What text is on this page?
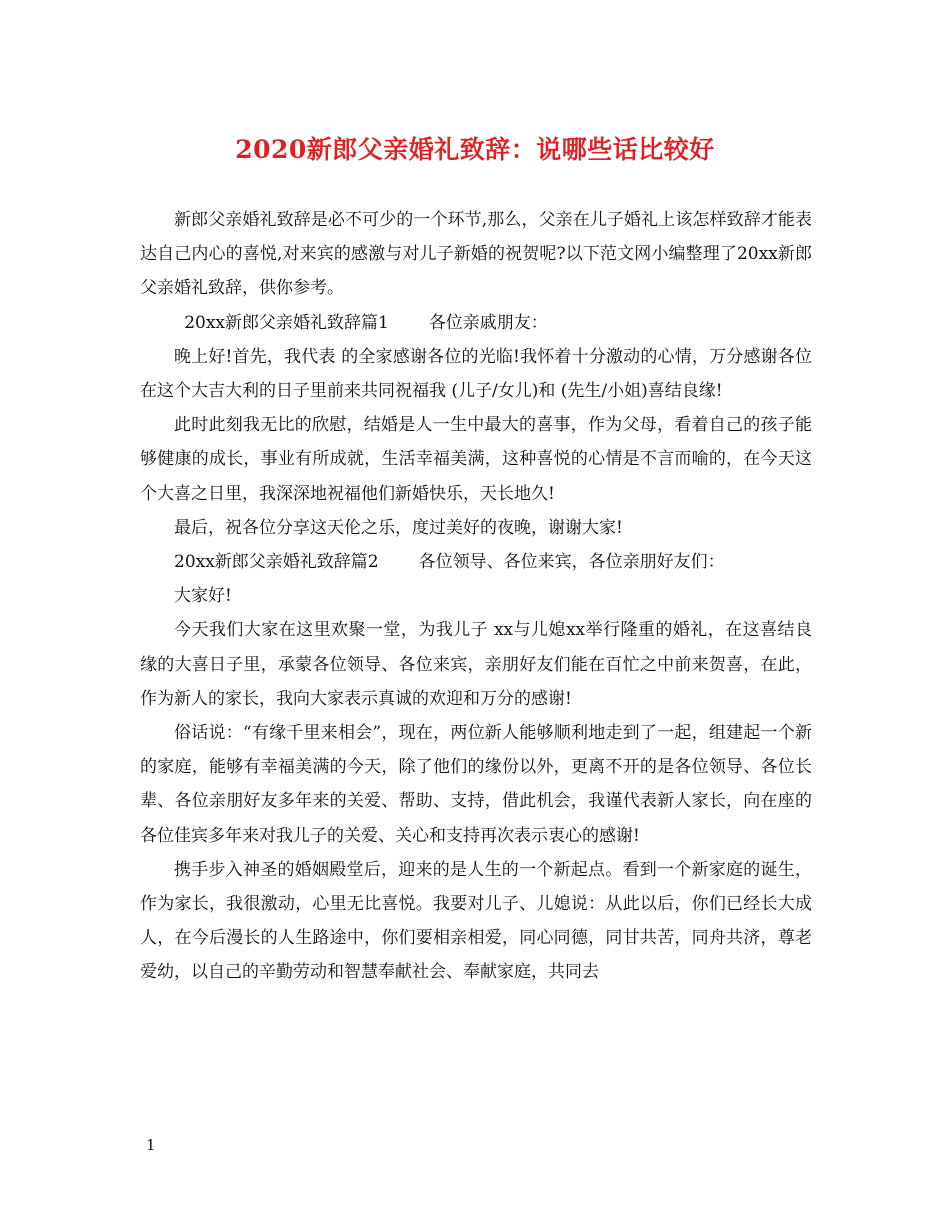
2020新郎父亲婚礼致辞：说哪些话比较好

新郎父亲婚礼致辞是必不可少的一个环节,那么，父亲在儿子婚礼上该怎样致辞才能表达自己内心的喜悦,对来宾的感激与对儿子新婚的祝贺呢?以下范文网小编整理了20xx新郎父亲婚礼致辞，供你参考。

20xx新郎父亲婚礼致辞篇1 各位亲戚朋友：

晚上好!首先，我代表 的全家感谢各位的光临!我怀着十分激动的心情，万分感谢各位在这个大吉大利的日子里前来共同祝福我 (儿子/女儿)和 (先生/小姐)喜结良缘!

此时此刻我无比的欣慰，结婚是人一生中最大的喜事，作为父母，看着自己的孩子能够健康的成长，事业有所成就，生活幸福美满，这种喜悦的心情是不言而喻的，在今天这个大喜之日里，我深深地祝福他们新婚快乐，天长地久!

最后，祝各位分享这天伦之乐，度过美好的夜晚，谢谢大家!

20xx新郎父亲婚礼致辞篇2 各位领导、各位来宾，各位亲朋好友们：

大家好!

今天我们大家在这里欢聚一堂，为我儿子 xx与儿媳xx举行隆重的婚礼，在这喜结良缘的大喜日子里，承蒙各位领导、各位来宾，亲朋好友们能在百忙之中前来贺喜，在此，作为新人的家长，我向大家表示真诚的欢迎和万分的感谢!

俗话说：“有缘千里来相会”，现在，两位新人能够顺利地走到了一起，组建起一个新的家庭，能够有幸福美满的今天，除了他们的缘份以外，更离不开的是各位领导、各位长辈、各位亲朋好友多年来的关爱、帮助、支持，借此机会，我谨代表新人家长，向在座的各位佳宾多年来对我儿子的关爱、关心和支持再次表示衷心的感谢!

携手步入神圣的婚姻殿堂后，迎来的是人生的一个新起点。看到一个新家庭的诞生，作为家长，我很激动，心里无比喜悦。我要对儿子、儿媳说：从此以后，你们已经长大成人，在今后漫长的人生路途中，你们要相亲相爱，同心同德，同甘共苦，同舟共济，尊老爱幼，以自己的辛勤劳动和智慧奉献社会、奉献家庭，共同去

1
